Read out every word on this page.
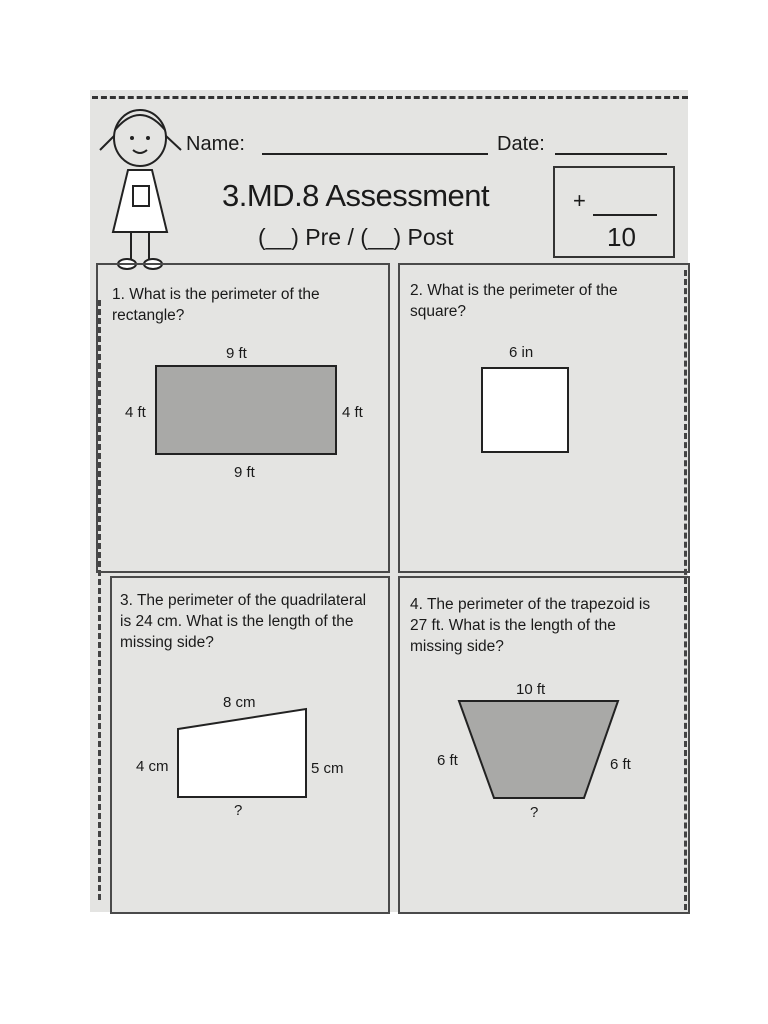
Name:	Date:
3.MD.8 Assessment
(__) Pre / (__) Post
+
10
1. What is the perimeter of the rectangle?
9 ft
4 ft	4 ft
9 ft
2. What is the perimeter of the square?
6 in
3. The perimeter of the quadrilateral is 24 cm. What is the length of the missing side?
8 cm
4 cm	5 cm
?
4. The perimeter of the trapezoid is 27 ft. What is the length of the missing side?
10 ft
6 ft	6 ft
?
